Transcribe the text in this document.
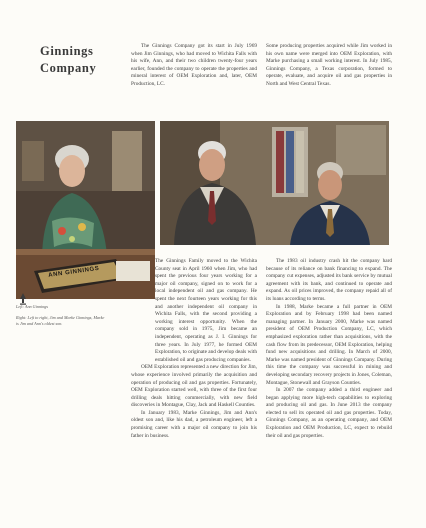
Ginnings
Company

The Ginnings Company got its start in July 1969 when Jim Ginnings, who had moved to Wichita Falls with his wife, Ann, and their two children twenty-four years earlier, founded the company to operate the properties and mineral interest of OEM Exploration and, later, OEM Production, LC.

Some producing properties acquired while Jim worked in his own name were merged into OEM Exploration, with Marke purchasing a small working interest. In July 1985, Ginnings Company, a Texas corporation, formed to operate, evaluate, and acquire oil and gas properties in North and West Central Texas.

ANN GINNINGS

Left: Ann Ginnings

Right: Left to right, Jim and Marke Ginnings, Marke is Jim and Ann's oldest son.

The Ginnings Family moved to the Wichita County seat in April 1960 when Jim, who had spent the previous four years working for a major oil company, signed on to work for a local independent oil and gas company. He spent the next fourteen years working for this and another independent oil company in Wichita Falls, with the second providing a working interest opportunity. When the company sold in 1975, Jim became an independent, operating as J. I. Ginnings for three years. In July 1977, he formed OEM Exploration, to originate and develop deals with established oil and gas producing companies.

OEM Exploration represented a new direction for Jim, whose experience involved primarily the acquisition and operation of producing oil and gas properties. Fortunately, OEM Exploration started well, with three of the first four drilling deals hitting commercially, with new field discoveries in Montague, Clay, Jack and Haskell Counties.

In January 1983, Marke Ginnings, Jim and Ann's oldest son and, like his dad, a petroleum engineer, left a promising career with a major oil company to join his father in business.

The 1983 oil industry crash hit the company hard because of its reliance on bank financing to expand. The company cut expenses, adjusted its bank service by mutual agreement with its bank, and continued to operate and expand. As oil prices improved, the company repaid all of its loans according to terms.

In 1988, Marke became a full partner in OEM Exploration and by February 1998 had been named managing partner. In January 2000, Marke was named president of OEM Production Company, LC, which emphasized exploration rather than acquisitions, with the cash flow from its predecessor, OEM Exploration, helping fund new acquisitions and drilling. In March of 2000, Marke was named president of Ginnings Company. During this time the company was successful in mining and developing secondary recovery projects in Jones, Coleman, Montague, Stonewall and Grayson Counties.

In 2007 the company added a third engineer and began applying more high-tech capabilities to exploring and producing oil and gas. In June 2013 the company elected to sell its operated oil and gas properties. Today, Ginnings Company, as an operating company, and OEM Exploration and OEM Production, LC, expect to rebuild their oil and gas properties.
